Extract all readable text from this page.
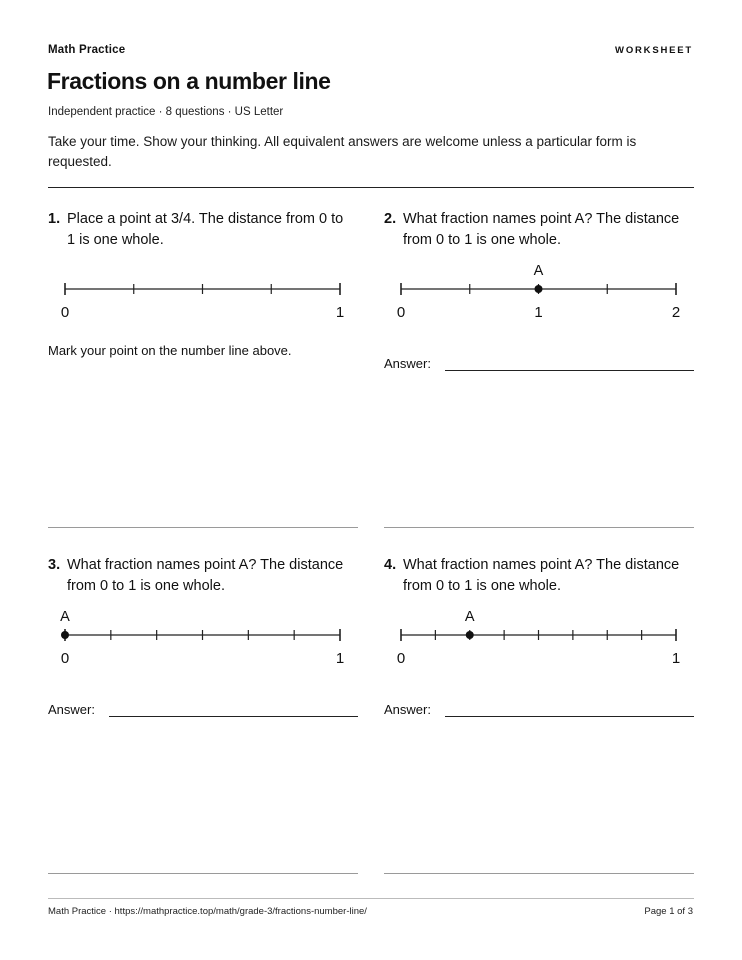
Math Practice	WORKSHEET
Fractions on a number line
Independent practice · 8 questions · US Letter
Take your time. Show your thinking. All equivalent answers are welcome unless a particular form is requested.
1. Place a point at 3/4. The distance from 0 to 1 is one whole.
0	1
Mark your point on the number line above.
2. What fraction names point A? The distance from 0 to 1 is one whole.
0	1	2
A
Answer:
3. What fraction names point A? The distance from 0 to 1 is one whole.
0	1
A
Answer:
4. What fraction names point A? The distance from 0 to 1 is one whole.
0	1
A
Answer:
Math Practice · https://mathpractice.top/math/grade-3/fractions-number-line/	Page 1 of 3
